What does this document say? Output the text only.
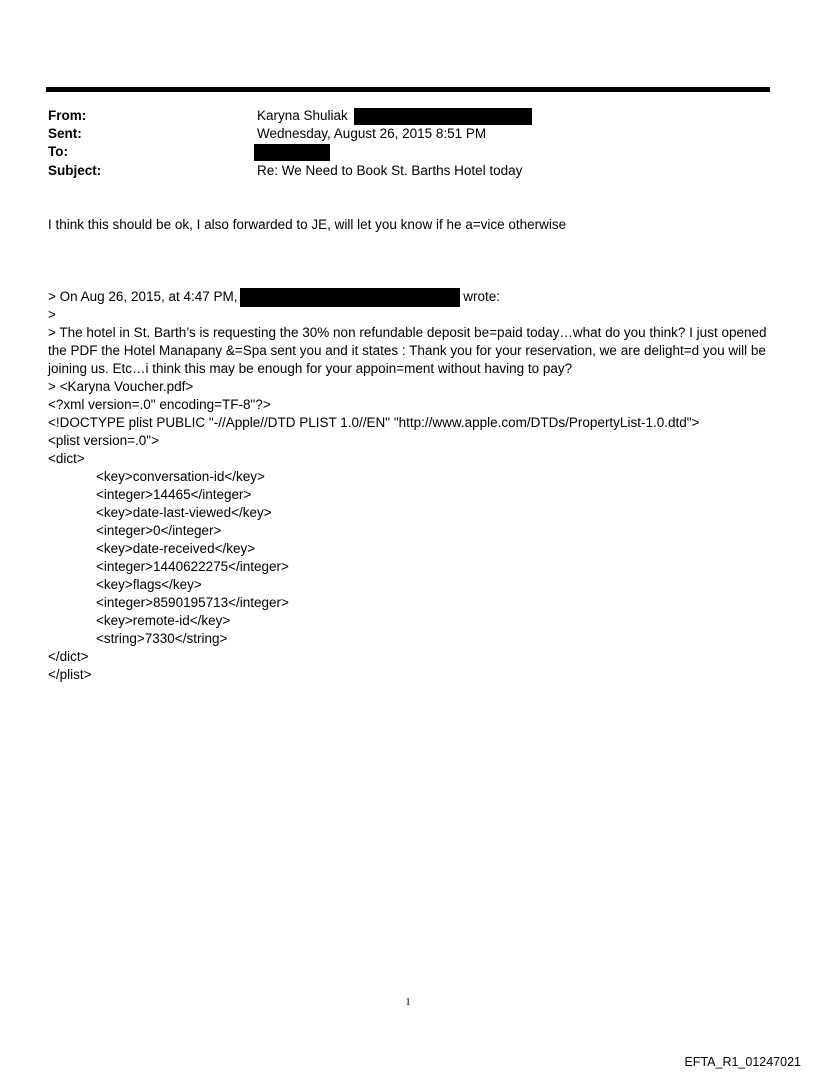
From:	Karyna Shuliak
Sent:	Wednesday, August 26, 2015 8:51 PM
To:
Subject:	Re: We Need to Book St. Barths Hotel today
I think this should be ok, I also forwarded to JE, will let you know if he a=vice otherwise
> On Aug 26, 2015, at 4:47 PM,	wrote:
>
> The hotel in St. Barth’s is requesting the 30% non refundable deposit be=paid today…what do you think? I just opened the PDF the Hotel Manapany &=Spa sent you and it states : Thank you for your reservation, we are delight=d you will be joining us. Etc…i think this may be enough for your appoin=ment without having to pay?
> <Karyna Voucher.pdf>
<?xml version=.0" encoding=TF-8"?>
<!DOCTYPE plist PUBLIC "-//Apple//DTD PLIST 1.0//EN" "http://www.apple.com/DTDs/PropertyList-1.0.dtd">
<plist version=.0">
<dict>
<key>conversation-id</key>
<integer>14465</integer>
<key>date-last-viewed</key>
<integer>0</integer>
<key>date-received</key>
<integer>1440622275</integer>
<key>flags</key>
<integer>8590195713</integer>
<key>remote-id</key>
<string>7330</string>
</dict>
</plist>
1
EFTA_R1_01247021
